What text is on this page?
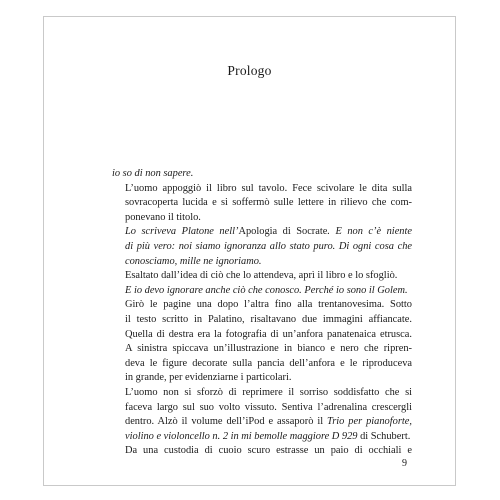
Prologo
io so di non sapere.
L’uomo appoggiò il libro sul tavolo. Fece scivolare le dita sulla
sovracoperta lucida e si soffermò sulle lettere in rilievo che com-
ponevano il titolo.
Lo scriveva Platone nell’Apologia di Socrate. E non c’è niente
di più vero: noi siamo ignoranza allo stato puro. Di ogni cosa che
conosciamo, mille ne ignoriamo.
Esaltato dall’idea di ciò che lo attendeva, aprì il libro e lo sfogliò.
E io devo ignorare anche ciò che conosco. Perché io sono il Golem.
Girò le pagine una dopo l’altra fino alla trentanovesima. Sotto
il testo scritto in Palatino, risaltavano due immagini affiancate.
Quella di destra era la fotografia di un’anfora panatenaica etrusca.
A sinistra spiccava un’illustrazione in bianco e nero che ripren-
deva le figure decorate sulla pancia dell’anfora e le riproduceva
in grande, per evidenziarne i particolari.
L’uomo non si sforzò di reprimere il sorriso soddisfatto che si
faceva largo sul suo volto vissuto. Sentiva l’adrenalina crescergli
dentro. Alzò il volume dell’iPod e assaporò il Trio per pianoforte,
violino e violoncello n. 2 in mi bemolle maggiore D 929 di Schubert.
Da una custodia di cuoio scuro estrasse un paio di occhiali e
9
